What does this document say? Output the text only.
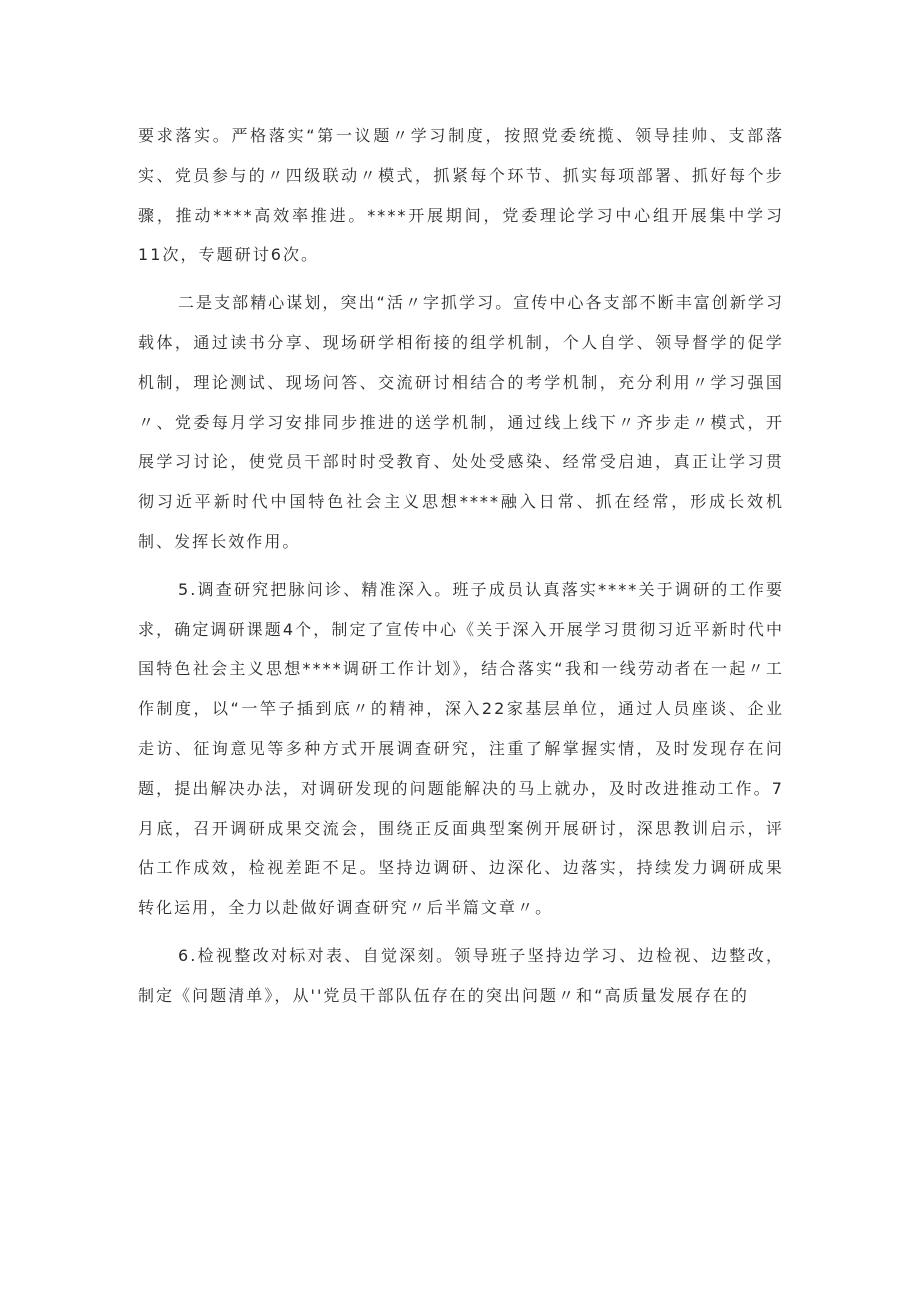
要求落实。严格落实“第一议题〃学习制度，按照党委统揽、领导挂帅、支部落实、党员参与的〃四级联动〃模式，抓紧每个环节、抓实每项部署、抓好每个步骤，推动****高效率推进。****开展期间，党委理论学习中心组开展集中学习11次，专题研讨6次。

二是支部精心谋划，突出“活〃字抓学习。宣传中心各支部不断丰富创新学习载体，通过读书分享、现场研学相衔接的组学机制，个人自学、领导督学的促学机制，理论测试、现场问答、交流研讨相结合的考学机制，充分利用〃学习强国〃、党委每月学习安排同步推进的送学机制，通过线上线下〃齐步走〃模式，开展学习讨论，使党员干部时时受教育、处处受感染、经常受启迪，真正让学习贯彻习近平新时代中国特色社会主义思想****融入日常、抓在经常，形成长效机制、发挥长效作用。

5.调查研究把脉问诊、精准深入。班子成员认真落实****关于调研的工作要求，确定调研课题4个，制定了宣传中心《关于深入开展学习贯彻习近平新时代中国特色社会主义思想****调研工作计划》，结合落实“我和一线劳动者在一起〃工作制度，以“一竿子插到底〃的精神，深入22家基层单位，通过人员座谈、企业走访、征询意见等多种方式开展调查研究，注重了解掌握实情，及时发现存在问题，提出解决办法，对调研发现的问题能解决的马上就办，及时改进推动工作。7月底，召开调研成果交流会，围绕正反面典型案例开展研讨，深思教训启示，评估工作成效，检视差距不足。坚持边调研、边深化、边落实，持续发力调研成果转化运用，全力以赴做好调查研究〃后半篇文章〃。

6.检视整改对标对表、自觉深刻。领导班子坚持边学习、边检视、边整改，制定《问题清单》，从''党员干部队伍存在的突出问题〃和“高质量发展存在的
